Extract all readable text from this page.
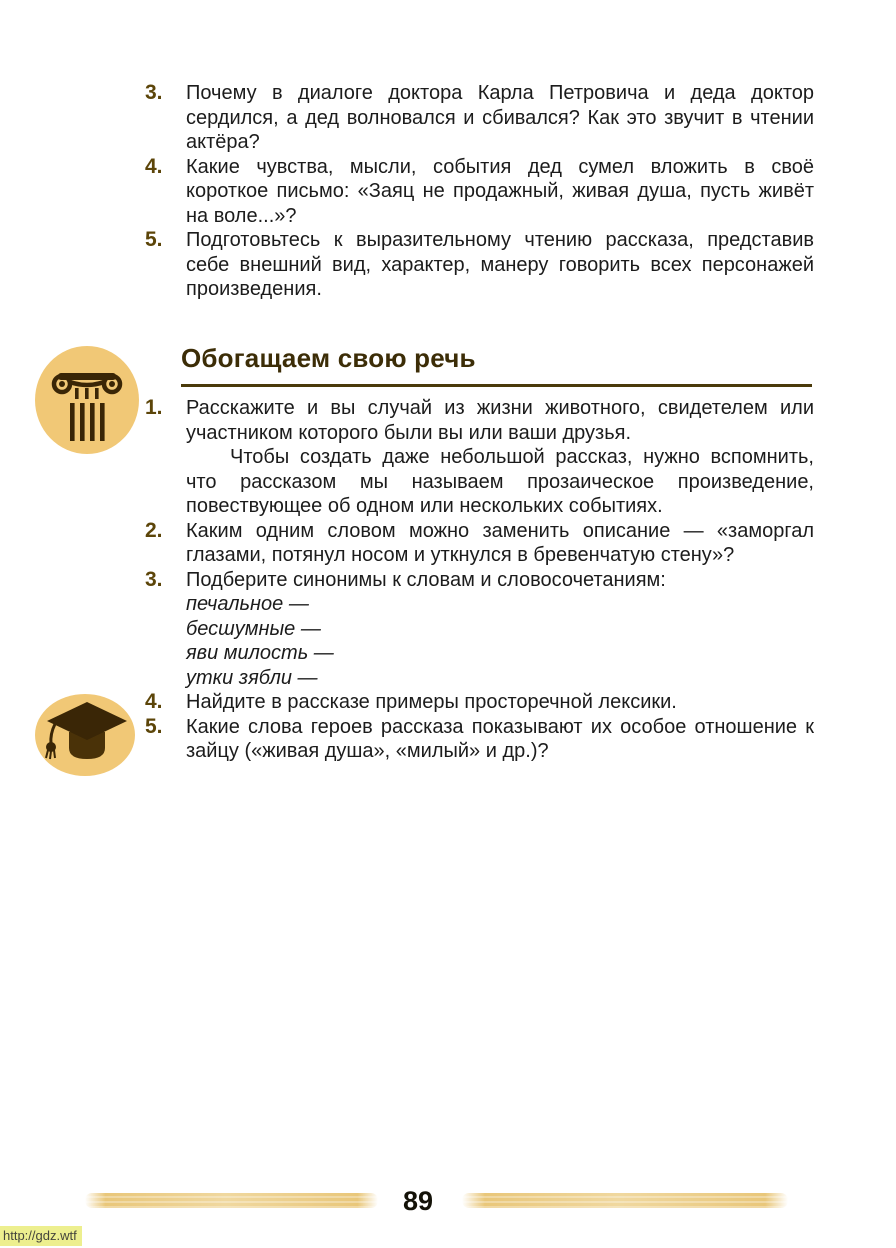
3.	Почему в диалоге доктора Карла Петровича и деда доктор сердился, а дед волновался и сбивался? Как это звучит в чтении актёра?
4.	Какие чувства, мысли, события дед сумел вложить в своё короткое письмо: «Заяц не продажный, живая душа, пусть живёт на воле...»?
5.	Подготовьтесь к выразительному чтению рассказа, представив себе внешний вид, характер, манеру говорить всех персонажей произведения.
Обогащаем свою речь
1.	Расскажите и вы случай из жизни животного, свидетелем или участником которого были вы или ваши друзья.

Чтобы создать даже небольшой рассказ, нужно вспомнить, что рассказом мы называем прозаическое произведение, повествующее об одном или нескольких событиях.

2.	Каким одним словом можно заменить описание — «заморгал глазами, потянул носом и уткнулся в бревенчатую стену»?
3.	Подберите синонимы к словам и словосочетаниям:

печальное —
бесшумные —
яви милость —
утки зябли —
4.	Найдите в рассказе примеры просторечной лексики.
5.	Какие слова героев рассказа показывают их особое отношение к зайцу («живая душа», «милый» и др.)?
89
http://gdz.wtf
